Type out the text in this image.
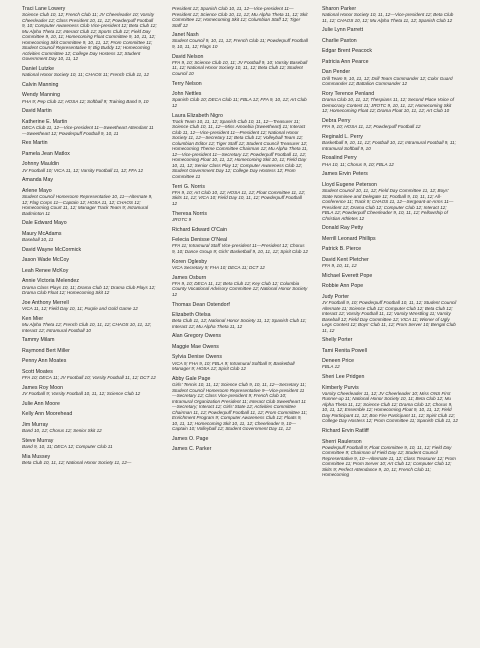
Traci Lane Lowery
Science Club 10, 12; French Club 11; JV Cheerleader 10; Varsity Cheerleader 12; Class President 10, 11, 12; Powderpuff Football 9, 10; Computer Awareness Club Vice-president 12; Beta Club 12; Mu Alpha Theta 12; Interact Club 12; Sports Club 12; Field Day Committee 9, 10, 11; Homecoming Float Committee 9, 10, 11, 12; Homecoming Skit Committee 9, 10, 11, 12; Prom Committee 11; Student Council Representative 9; Big Buddy 12; Homecoming Activities Committee 12; College Day Hostess 12; Student Government Day 10, 11, 12
Daniel Lutzke
National Honor Society 10, 11; CHAOS 11; French Club 11, 12
Calvin Manning
Wendy Manning
FHA 9; Pep Club 12; HOSA 12; Softball 9; Training Band 9, 10
David Martin
Katherine E. Martin
DECA Club 11, 12—Vice-president 11—Sweetheart Attendant 11—Sweetheart 12; Powderpuff Football 9, 10, 11
Rex Martin
Pamela Jean Matlox
Johnny Mauldin
JV Football 10; VICA 11, 12; Varsity Football 11, 12; FFA 12
Amanda May
Arlene Mayo
Student Council Homeroom Representative 10, 11—Alternate 9, 12; Flag Corps 11—Captain 12; HOSA 11, 12; CHAOS 12; Homecoming Court 11, 12; Manager Track Team 9; Intramural Badminton 11
Dale Edward Mayo
Maury McAdams
Baseball 10, 11
David Wayne McCormick
Jason Wade McCoy
Leah Renee McKoy
Annie Victoria Melendez
Drama Class Plays 10, 11; Drama Club 12; Drama Club Plays 12; Drama Club Float 12; Homecoming Skit 12
Joe Anthony Merrell
VICA 11, 12; Field Day 10, 11; Purple and Gold Game 12
Ken Mier
Mu Alpha Theta 12; French Club 10, 11, 12; CHAOS 10, 11, 12; Interact 12; Intramural Football 10
Tammy Milam
Raymond Bert Miller
Penny Ann Moates
Scott Moates
FFA 10; DECA 11; JV Football 10; Varsity Football 11, 12; DCT 12
James Roy Moon
JV Football 9; Varsity Football 10, 11, 12; Science Club 12
Julie Ann Moore
Kelly Ann Moorehead
Jim Murray
Band 10, 12; Chorus 12; Senior Skit 12
Steve Murray
Band 9, 10, 11; DECA 12; Computer Club 11
Mia Mussey
Beta Club 10, 11, 12; National Honor Society 11, 12—
President 12; Spanish Club 10, 11, 12—Vice-president 11—President 12; Science Club 10, 11, 12; Mu Alpha Theta 11, 12; Skit Committee 12; Homecoming Skit 12; Columbian Staff 12; Tiger Staff 12
Janet Nash
Student Council 9, 10, 11, 12; French Club 11; Powderpuff Football 9, 10, 11, 12; Flags 10
David Nelson
FFA 9, 10; Science Club 10, 11; JV Football 9, 10; Varsity Baseball 11, 12; National Honor Society 10, 11, 12; Beta Club 12; Student Council 10
Terry Nelson
John Nettles
Spanish Club 10; DECA Club 11; FBLA 12; FFA 9, 10, 12; Art Club 12
Laura Elizabeth Nigro
Track Team 10, 11, 12; Spanish Club 10, 11, 12—Treasurer 11; Science Club 10, 11, 12—Miss Amoebia (Sweetheart) 11; Interact Club 11, 12—Vice-president 11—President 12; National Honor Society 11, 12—Secretary 12; Beta Club 12; Volleyball Team 12; Columbian Editor 12; Tiger Staff 12; Student Council Treasurer 12; Homecoming Theme Committee Chairman 12; Mu Alpha Theta 11, 12—Vice-president 11—Secretary 12; Powderpuff Football 11, 12; Homecoming Float 10, 11, 12; Homecoming Skit 10, 11; Field Day 10, 11, 12; Senior Class Play 12; Computer Awareness Club 12; Student Government Day 12; College Day Hostess 12; Prom Committee 11
Terri G. Norris
FFA 9, 10; Art Club 10, 12; HOSA 11, 12; Float Committee 11, 12; Skits 11, 12; VICA 10; Field Day 10, 11, 12; Powderpuff Football 12
Theresa Norris
JROTC 9
Richard Edward O'Cain
Felecia Denisse O'Neal
FFA 11; Intramural Staff Vice-president 11—President 12; Chorus 9, 10; Dance Group 9; Girls' Basketball 9, 10, 11, 12; Spirit Club 12
Koren Oglesby
VICA Secretary 9; FHA 10; DECA 11; DCT 12
James Osburn
FFA 9, 10; DECA 11, 12; Beta Club 12; Key Club 12; Columbia County Vocational Advisory Committee 12; National Honor Society 12
Thomas Dean Ostendorf
Elizabeth Otelsa
Beta Club 11, 12; National Honor Society 11, 12; Spanish Club 11; Interact 12; Mu Alpha Theta 11, 12
Alan Gregory Owens
Maggie Mae Owens
Sylvia Denise Owens
VICA 9; FHA 9, 10; FBLA 9; Intramural Softball 9; Basketball Manager 9; HOSA 12; Spirit Club 12
Abby Gale Page
Girls' Tennis 10, 11, 12; Science Club 9, 10, 11, 12—Secretary 11; Student Council Homeroom Representative 9—Vice-president 11—Secretary 12; Class Vice-president 9; French Club 10; Intramural Organization President 11; Interact Club Sweetheart 11—Secretary; Interact 12; Girls' State 12; Activities Committee Chairman 11, 12; Powderpuff Football 11, 12; Prom Committee 11; Enrichment Program 9; Computer Awareness Club 12; Floats 9, 10, 11, 12; Homecoming Skit 10, 11, 12; Cheerleader 9, 10—Captain 10; Volleyball 12; Student Government Day 11, 12
James O. Page
James C. Parker
Sharon Parker
National Honor Society 10, 11, 12—Vice-president 12; Beta Club 11, 12; CHAOS 10, 12; Mu Alpha Theta 11, 12; Spanish Club 12
Julie Lynn Parrett
Charlie Paxton
Edgar Brent Peacock
Patricia Ann Pearce
Dan Pender
Drill Team 9, 10, 11, 12; Drill Team Commander 12; Color Guard Commander 12; Battalion Commander 12
Rory Terence Penland
Drama Club 10, 11, 12; Thespians 11, 12; Second Place Voice of Democracy Contest 11; JROTC 9, 10, 11, 12; Homecoming Skit 12; Homecoming Float 12; Drama Float 10, 11, 12; Art Club 10
Debra Perry
FFA 9, 10; HOSA 11, 12; Powderpuff Football 12
Reginald L. Perry
Basketball 9, 10, 11, 12; Football 10, 12; Intramural Football 9, 11; Intramural Softball 9, 10
Rosalind Perry
FHA 10, 11; Chorus 9, 10; FBLA 12
James Ervin Peters
Lloyd Eugene Peterson
Student Council 10, 11, 12; Field Day Committee 11, 12; Boys' State Nominee and Delegate 11; Football 9, 10, 11, 12; All-Conference 11; Track 9; CHAOS 11, 12—Sergeant-at-Arms 11—President 12; Drama Club 12; Computer Club 12; Interact 12; FBLA 12; Powderpuff Cheerleader 9, 10, 11, 12; Fellowship of Christian Athletes 12
Donald Ray Petty
Merrill Leonard Phillips
Patrick B. Pierce
David Kent Pletcher
FFA 9, 10, 11, 12
Michael Everett Pope
Robbie Ann Pope
Judy Porter
JV Football 9, 10; Powderpuff Football 10, 11, 12; Student Council Alternate 11; Science Club 12; Computer Club 12; Beta Club 12; Interact 12; Varsity Football 11, 12; Varsity Wrestling 11; Varsity Baseball 12; Field Day Committee 12; VICA 11; Winner of Ugly Legs Contest 12; Boys' Club 11, 12; Prom Server 10; Bengal Club 11, 12
Shelly Porter
Tami Renita Powell
Deneen Price
FBLA 12
Sheri Lee Pridgen
Kimberly Purvis
Varsity Cheerleader 11, 12; JV Cheerleader 10; Miss ONS First Runner-up 11; National Honor Society 10, 11; Beta Club 12; Mu Alpha Theta 11, 12; Science Club 12; Drama Club 12; Chorus 9, 10, 11, 12; Ensemble 12; Homecoming Float 9, 10, 11, 12; Field Day Participant 11, 12; Bon Fire Participant 11, 12; Spirit Club 12; College Day Hostess 12; Prom Committee 11; Spanish Club 11, 12
Richard Ervin Ratliff
Sherri Raulerson
Powderpuff Football 9; Float Committee 9, 10, 11, 12; Field Day Committee 9; Chairman of Field Day 12; Student Council Representative 9, 10—Alternate 11, 12; Class Treasurer 12; Prom Committee 11; Prom Server 10; Art Club 12; Computer Club 12; Skits 9; Perfect Attendance 9, 10, 11; French Club 11; Homecoming
